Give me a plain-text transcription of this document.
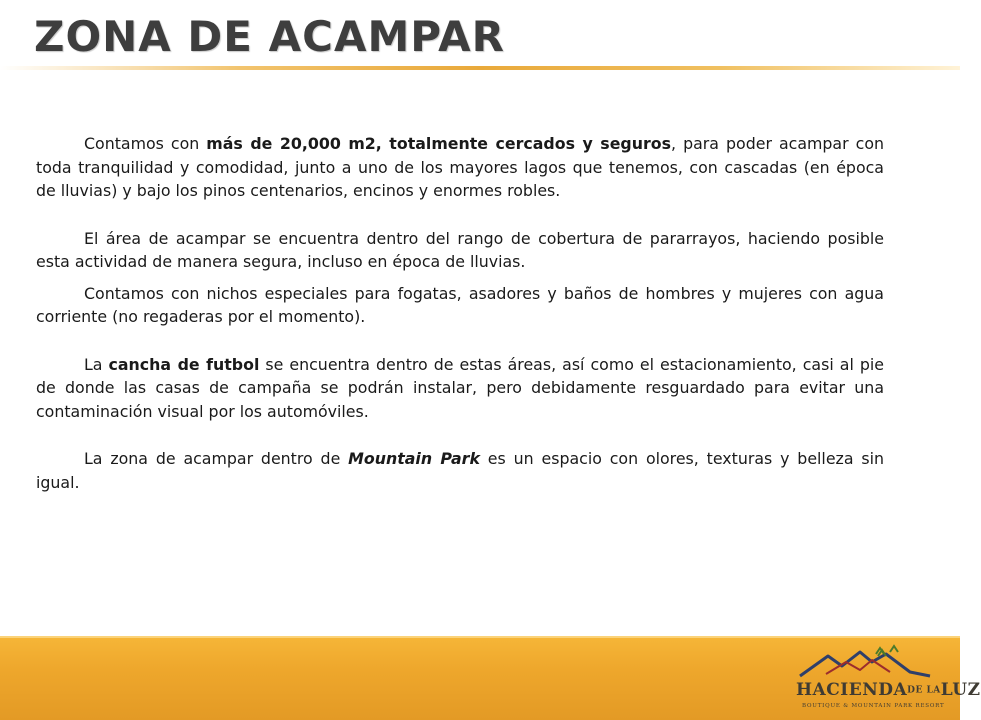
ZONA DE ACAMPAR

Contamos con más de 20,000 m2, totalmente cercados y seguros, para poder acampar con toda tranquilidad y comodidad, junto a uno de los mayores lagos que tenemos, con cascadas (en época de lluvias) y bajo los pinos centenarios, encinos y enormes robles.

El área de acampar se encuentra dentro del rango de cobertura de pararrayos, haciendo posible esta actividad de manera segura, incluso en época de lluvias.

Contamos con nichos especiales para fogatas, asadores y baños de hombres y mujeres con agua corriente (no regaderas por el momento).

La cancha de futbol se encuentra dentro de estas áreas, así como el estacionamiento, casi al pie de donde las casas de campaña se podrán instalar, pero debidamente resguardado para evitar una contaminación visual por los automóviles.

La zona de acampar dentro de Mountain Park es un espacio con olores, texturas y belleza sin igual.

HACIENDADE LALUZ
BOUTIQUE & MOUNTAIN PARK RESORT
